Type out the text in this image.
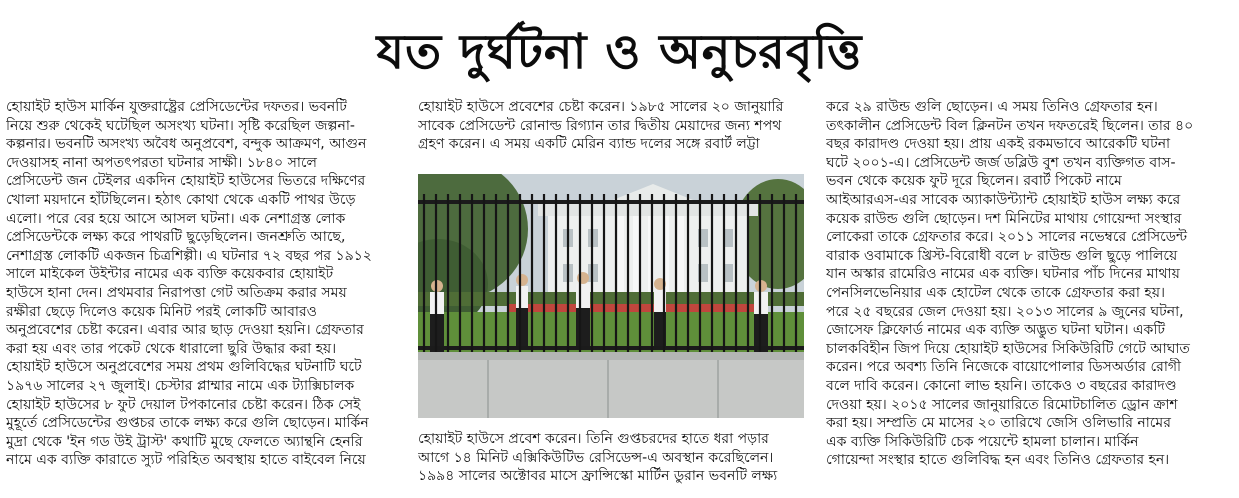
যত দুর্ঘটনা ও অনুচরবৃত্তি

হোয়াইট হাউস মার্কিন যুক্তরাষ্ট্রের প্রেসিডেন্টের দফতর। ভবনটি

নিয়ে শুরু থেকেই ঘটেছিল অসংখ্য ঘটনা। সৃষ্টি করেছিল জল্পনা-

কল্পনার। ভবনটি অসংখ্য অবৈধ অনুপ্রবেশ, বন্দুক আক্রমণ, আগুন

দেওয়াসহ নানা অপতৎপরতা ঘটনার সাক্ষী। ১৮৪০ সালে

প্রেসিডেন্ট জন টেইলর একদিন হোয়াইট হাউসের ভিতরে দক্ষিণের

খোলা ময়দানে হাঁটছিলেন। হঠাৎ কোথা থেকে একটি পাথর উড়ে

এলো। পরে বের হয়ে আসে আসল ঘটনা। এক নেশাগ্রস্ত লোক

প্রেসিডেন্টকে লক্ষ্য করে পাথরটি ছুড়েছিলেন। জনশ্রুতি আছে,

নেশাগ্রস্ত লোকটি একজন চিত্রশিল্পী। এ ঘটনার ৭২ বছর পর ১৯১২

সালে মাইকেল উইন্টার নামের এক ব্যক্তি কয়েকবার হোয়াইট

হাউসে হানা দেন। প্রথমবার নিরাপত্তা গেট অতিক্রম করার সময়

রক্ষীরা ছেড়ে দিলেও কয়েক মিনিট পরই লোকটি আবারও

অনুপ্রবেশের চেষ্টা করেন। এবার আর ছাড় দেওয়া হয়নি। গ্রেফতার

করা হয় এবং তার পকেট থেকে ধারালো ছুরি উদ্ধার করা হয়।

হোয়াইট হাউসে অনুপ্রবেশের সময় প্রথম গুলিবিদ্ধের ঘটনাটি ঘটে

১৯৭৬ সালের ২৭ জুলাই। চেস্টার প্লাম্মার নামে এক ট্যাক্সিচালক

হোয়াইট হাউসের ৮ ফুট দেয়াল টপকানোর চেষ্টা করেন। ঠিক সেই

মুহূর্তে প্রেসিডেন্টের গুপ্তচর তাকে লক্ষ্য করে গুলি ছোড়েন। মার্কিন

মুদ্রা থেকে 'ইন গড উই ট্রাস্ট' কথাটি মুছে ফেলতে অ্যান্থনি হেনরি

নামে এক ব্যক্তি কারাতে স্যুট পরিহিত অবস্থায় হাতে বাইবেল নিয়ে

হোয়াইট হাউসে প্রবেশের চেষ্টা করেন। ১৯৮৫ সালের ২০ জানুয়ারি

সাবেক প্রেসিডেন্ট রোনাল্ড রিগ্যান তার দ্বিতীয় মেয়াদের জন্য শপথ

গ্রহণ করেন। এ সময় একটি মেরিন ব্যান্ড দলের সঙ্গে রবার্ট লট্টা

হোয়াইট হাউসে প্রবেশ করেন। তিনি গুপ্তচরদের হাতে ধরা পড়ার

আগে ১৪ মিনিট এক্সিকিউটিভ রেসিডেন্স-এ অবস্থান করেছিলেন।

১৯৯৪ সালের অক্টোবর মাসে ফ্রান্সিস্কো মার্টিন ডুরান ভবনটি লক্ষ্য

করে ২৯ রাউন্ড গুলি ছোড়েন। এ সময় তিনিও গ্রেফতার হন।

তৎকালীন প্রেসিডেন্ট বিল ক্লিনটন তখন দফতরেই ছিলেন। তার ৪০

বছর কারাদণ্ড দেওয়া হয়। প্রায় একই রকমভাবে আরেকটি ঘটনা

ঘটে ২০০১-এ। প্রেসিডেন্ট জর্জ ডব্লিউ বুশ তখন ব্যক্তিগত বাস-

ভবন থেকে কয়েক ফুট দূরে ছিলেন। রবার্ট পিকেট নামে

আইআরএস-এর সাবেক অ্যাকাউন্ট্যান্ট হোয়াইট হাউস লক্ষ্য করে

কয়েক রাউন্ড গুলি ছোড়েন। দশ মিনিটের মাথায় গোয়েন্দা সংস্থার

লোকেরা তাকে গ্রেফতার করে। ২০১১ সালের নভেম্বরে প্রেসিডেন্ট

বারাক ওবামাকে খ্রিস্ট-বিরোধী বলে ৮ রাউন্ড গুলি ছুড়ে পালিয়ে

যান অস্কার রামেরিও নামের এক ব্যক্তি। ঘটনার পাঁচ দিনের মাথায়

পেনসিলভেনিয়ার এক হোটেল থেকে তাকে গ্রেফতার করা হয়।

পরে ২৫ বছরের জেল দেওয়া হয়। ২০১৩ সালের ৯ জুনের ঘটনা,

জোসেফ ক্লিফোর্ড নামের এক ব্যক্তি অদ্ভুত ঘটনা ঘটান। একটি

চালকবিহীন জিপ দিয়ে হোয়াইট হাউসের সিকিউরিটি গেটে আঘাত

করেন। পরে অবশ্য তিনি নিজেকে বায়োপোলার ডিসঅর্ডার রোগী

বলে দাবি করেন। কোনো লাভ হয়নি। তাকেও ৩ বছরের কারাদণ্ড

দেওয়া হয়। ২০১৫ সালের জানুয়ারিতে রিমোটচালিত ড্রোন ক্রাশ

করা হয়। সম্প্রতি মে মাসের ২০ তারিখে জেসি ওলিভারি নামের

এক ব্যক্তি সিকিউরিটি চেক পয়েন্টে হামলা চালান। মার্কিন

গোয়েন্দা সংস্থার হাতে গুলিবিদ্ধ হন এবং তিনিও গ্রেফতার হন।
